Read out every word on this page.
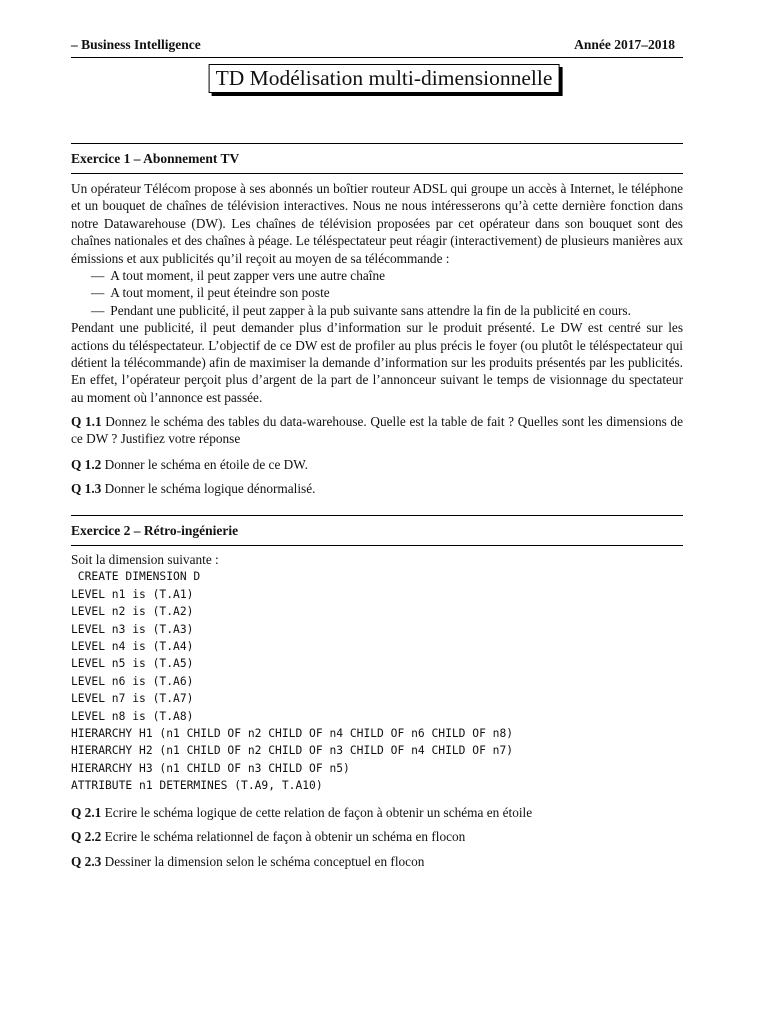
– Business Intelligence	Année 2017–2018
TD Modélisation multi-dimensionnelle
Exercice 1 – Abonnement TV

Un opérateur Télécom propose à ses abonnés un boîtier routeur ADSL qui groupe un accès à Internet, le téléphone et un bouquet de chaînes de télévision interactives. Nous ne nous intéresserons qu’à cette dernière fonction dans notre Datawarehouse (DW). Les chaînes de télévision proposées par cet opérateur dans son bouquet sont des chaînes nationales et des chaînes à péage. Le téléspectateur peut réagir (interactivement) de plusieurs manières aux émissions et aux publicités qu’il reçoit au moyen de sa télécommande :

— A tout moment, il peut zapper vers une autre chaîne
— A tout moment, il peut éteindre son poste
— Pendant une publicité, il peut zapper à la pub suivante sans attendre la fin de la publicité en cours.

Pendant une publicité, il peut demander plus d’information sur le produit présenté. Le DW est centré sur les actions du téléspectateur. L’objectif de ce DW est de profiler au plus précis le foyer (ou plutôt le téléspectateur qui détient la télécommande) afin de maximiser la demande d’information sur les produits présentés par les publicités. En effet, l’opérateur perçoit plus d’argent de la part de l’annonceur suivant le temps de visionnage du spectateur au moment où l’annonce est passée.

Q 1.1 Donnez le schéma des tables du data-warehouse. Quelle est la table de fait ? Quelles sont les dimensions de ce DW ? Justifiez votre réponse

Q 1.2 Donner le schéma en étoile de ce DW.

Q 1.3 Donner le schéma logique dénormalisé.

Exercice 2 – Rétro-ingénierie

Soit la dimension suivante :

CREATE DIMENSION D

LEVEL n1 is (T.A1)

LEVEL n2 is (T.A2)

LEVEL n3 is (T.A3)

LEVEL n4 is (T.A4)

LEVEL n5 is (T.A5)

LEVEL n6 is (T.A6)

LEVEL n7 is (T.A7)

LEVEL n8 is (T.A8)

HIERARCHY H1 (n1 CHILD OF n2 CHILD OF n4 CHILD OF n6 CHILD OF n8)

HIERARCHY H2 (n1 CHILD OF n2 CHILD OF n3 CHILD OF n4 CHILD OF n7)

HIERARCHY H3 (n1 CHILD OF n3 CHILD OF n5)

ATTRIBUTE n1 DETERMINES (T.A9, T.A10)

Q 2.1 Ecrire le schéma logique de cette relation de façon à obtenir un schéma en étoile

Q 2.2 Ecrire le schéma relationnel de façon à obtenir un schéma en flocon

Q 2.3 Dessiner la dimension selon le schéma conceptuel en flocon
